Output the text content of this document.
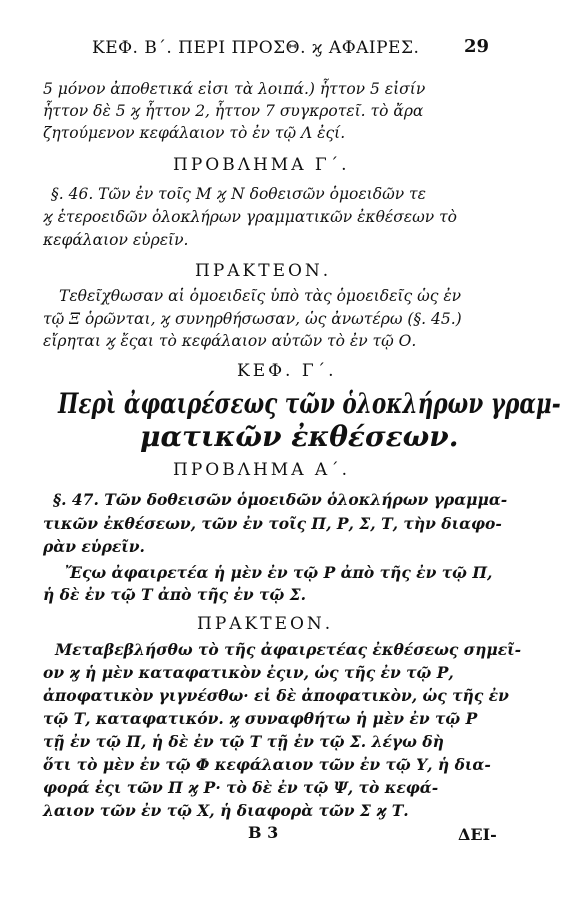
ΚΕΦ. Β΄. ΠΕΡΙ ΠΡΟΣΘ. ϗ ΑΦΑΙΡΕΣ. 29
5 μόνον ἀποθετικά εἰσι τὰ λοιπά.) ἧττον 5 εἰσίν
ἧττον δὲ 5 ϗ ἧττον 2, ἧττον 7 συγκροτεῖ. τὸ ἄρα
ζητούμενον κεφάλαιον τὸ ἐν τῷ Λ ἐςί.
ΠΡΟΒΛΗΜΑ Γ΄.
§. 46. Τῶν ἐν τοῖς Μ ϗ Ν δοθεισῶν ὁμοειδῶν τε
ϗ ἑτεροειδῶν ὁλοκλήρων γραμματικῶν ἐκθέσεων τὸ
κεφάλαιον εὑρεῖν.
ΠΡΑΚΤΕΟΝ.
Τεθεῖχθωσαν αἱ ὁμοειδεῖς ὑπὸ τὰς ὁμοειδεῖς ὡς ἐν
τῷ Ξ ὁρῶνται, ϗ συνηρθήσωσαν, ὡς ἀνωτέρω (§. 45.)
εἴρηται ϗ ἔςαι τὸ κεφάλαιον αὐτῶν τὸ ἐν τῷ Ο.
ΚΕΦ. Γ΄.
Περὶ ἀφαιρέσεως τῶν ὁλοκλήρων γραμ-
ματικῶν ἐκθέσεων.
ΠΡΟΒΛΗΜΑ Α΄.
§. 47. Τῶν δοθεισῶν ὁμοειδῶν ὁλοκλήρων γραμμα-
τικῶν ἐκθέσεων, τῶν ἐν τοῖς Π, Ρ, Σ, Τ, τὴν διαφο-
ρὰν εὑρεῖν.
Ἔςω ἀφαιρετέα ἡ μὲν ἐν τῷ Ρ ἀπὸ τῆς ἐν τῷ Π,
ἡ δὲ ἐν τῷ Τ ἀπὸ τῆς ἐν τῷ Σ.
ΠΡΑΚΤΕΟΝ.
Μεταβεβλήσθω τὸ τῆς ἀφαιρετέας ἐκθέσεως σημεῖ-
ον ϗ ἡ μὲν καταφατικὸν ἐςιν, ὡς τῆς ἐν τῷ Ρ,
ἀποφατικὸν γιγνέσθω· εἰ δὲ ἀποφατικὸν, ὡς τῆς ἐν
τῷ Τ, καταφατικόν. ϗ συναφθήτω ἡ μὲν ἐν τῷ Ρ
τῇ ἐν τῷ Π, ἡ δὲ ἐν τῷ Τ τῇ ἐν τῷ Σ. λέγω δὴ
ὅτι τὸ μὲν ἐν τῷ Φ κεφάλαιον τῶν ἐν τῷ Υ, ἡ δια-
φορά ἐςι τῶν Π ϗ Ρ· τὸ δὲ ἐν τῷ Ψ, τὸ κεφά-
λαιον τῶν ἐν τῷ Χ, ἡ διαφορὰ τῶν Σ ϗ Τ.
Β 3	ΔΕΙ-
